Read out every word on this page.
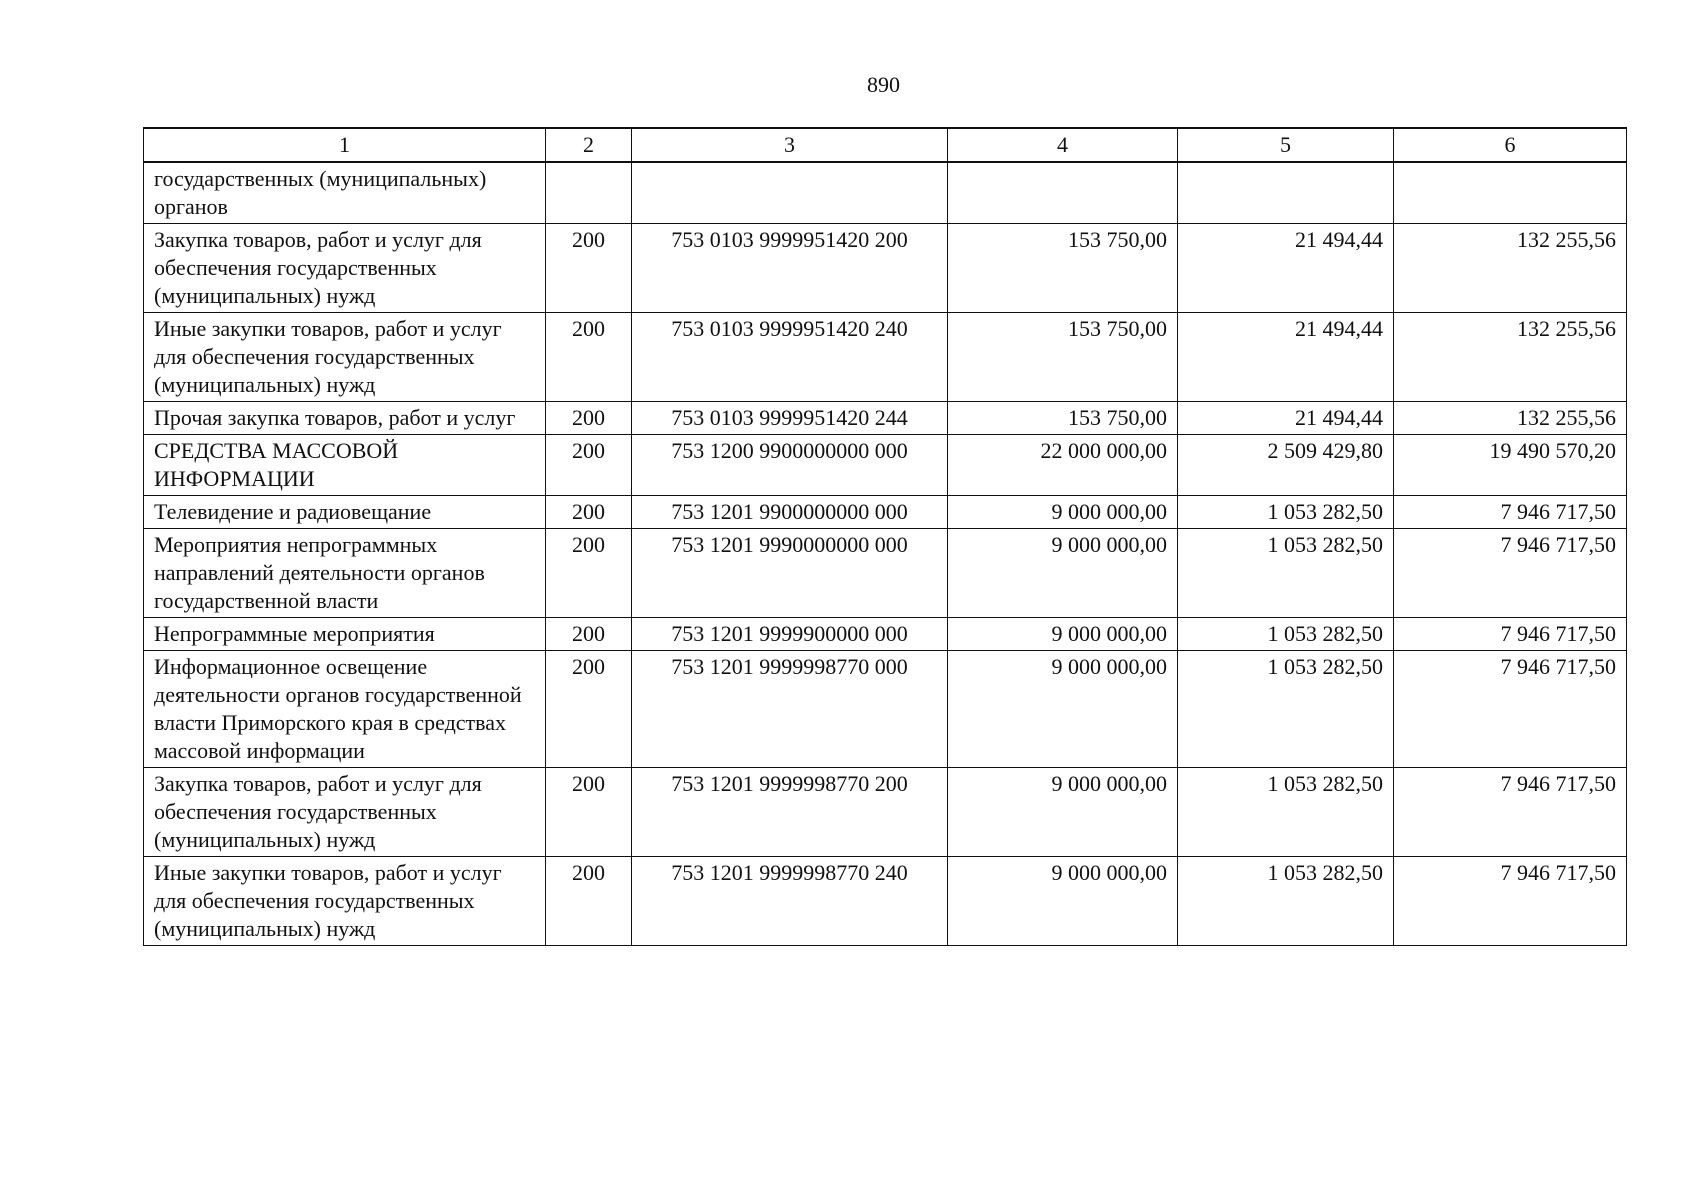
890
1	2	3	4	5	6
государственных (муниципальных) органов					
Закупка товаров, работ и услуг для обеспечения государственных (муниципальных) нужд	200	753 0103 9999951420 200	153 750,00	21 494,44	132 255,56
Иные закупки товаров, работ и услуг для обеспечения государственных (муниципальных) нужд	200	753 0103 9999951420 240	153 750,00	21 494,44	132 255,56
Прочая закупка товаров, работ и услуг	200	753 0103 9999951420 244	153 750,00	21 494,44	132 255,56
СРЕДСТВА МАССОВОЙ ИНФОРМАЦИИ	200	753 1200 9900000000 000	22 000 000,00	2 509 429,80	19 490 570,20
Телевидение и радиовещание	200	753 1201 9900000000 000	9 000 000,00	1 053 282,50	7 946 717,50
Мероприятия непрограммных направлений деятельности органов государственной власти	200	753 1201 9990000000 000	9 000 000,00	1 053 282,50	7 946 717,50
Непрограммные мероприятия	200	753 1201 9999900000 000	9 000 000,00	1 053 282,50	7 946 717,50
Информационное освещение деятельности органов государственной власти Приморского края в средствах массовой информации	200	753 1201 9999998770 000	9 000 000,00	1 053 282,50	7 946 717,50
Закупка товаров, работ и услуг для обеспечения государственных (муниципальных) нужд	200	753 1201 9999998770 200	9 000 000,00	1 053 282,50	7 946 717,50
Иные закупки товаров, работ и услуг для обеспечения государственных (муниципальных) нужд	200	753 1201 9999998770 240	9 000 000,00	1 053 282,50	7 946 717,50
